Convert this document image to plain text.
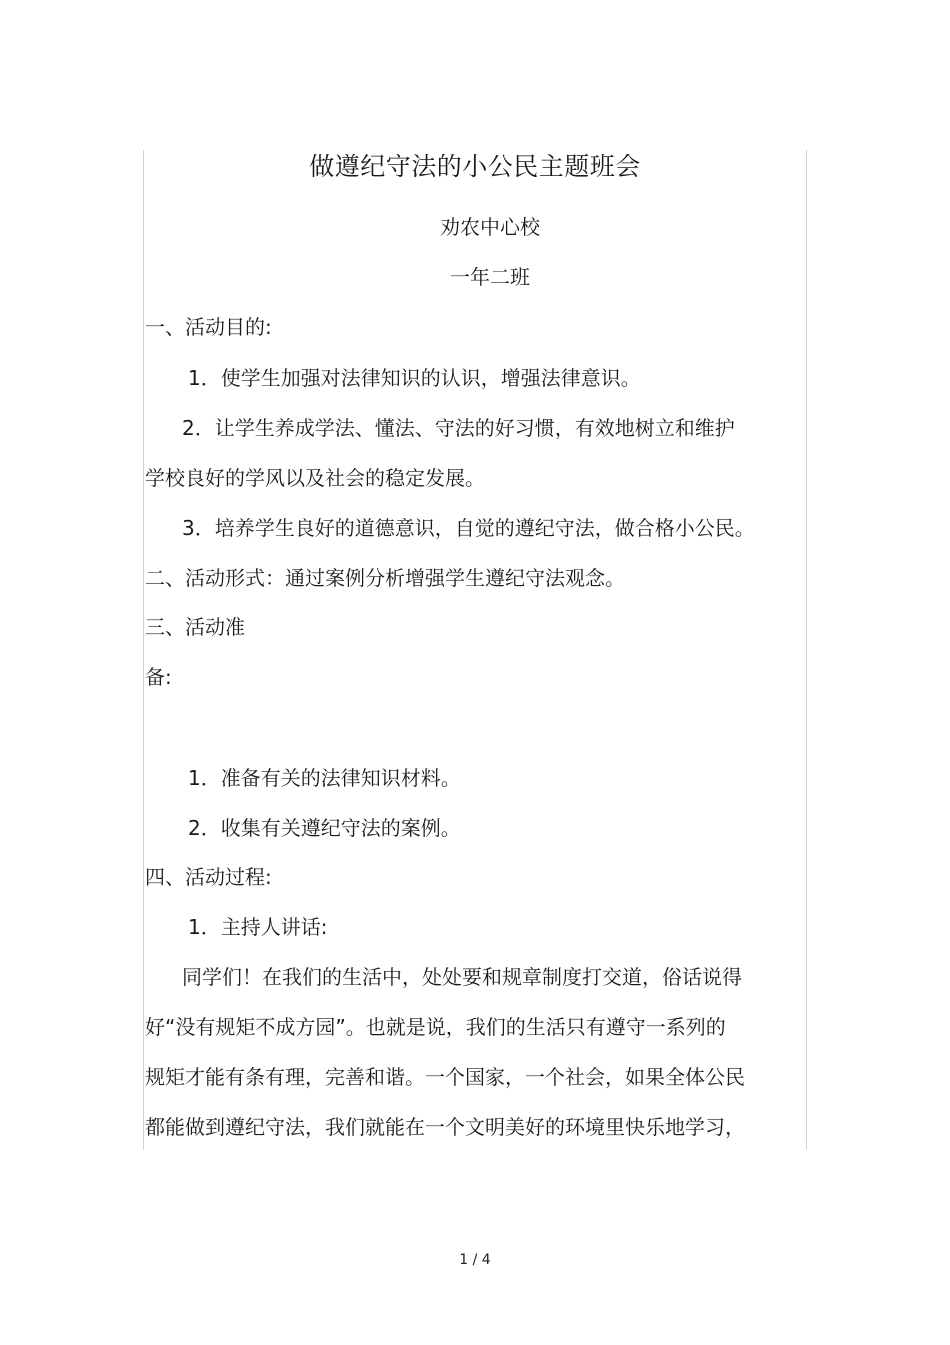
做遵纪守法的小公民主题班会
劝农中心校
一年二班
一、活动目的:
1．使学生加强对法律知识的认识，增强法律意识。
2．让学生养成学法、懂法、守法的好习惯，有效地树立和维护
学校良好的学风以及社会的稳定发展。
3．培养学生良好的道德意识，自觉的遵纪守法，做合格小公民。
二、活动形式：通过案例分析增强学生遵纪守法观念。
三、活动准
备:
1．准备有关的法律知识材料。
2．收集有关遵纪守法的案例。
四、活动过程:
1．主持人讲话:
同学们！在我们的生活中，处处要和规章制度打交道，俗话说得
好“没有规矩不成方园”。也就是说，我们的生活只有遵守一系列的
规矩才能有条有理，完善和谐。一个国家，一个社会，如果全体公民
都能做到遵纪守法，我们就能在一个文明美好的环境里快乐地学习，
1 / 4
